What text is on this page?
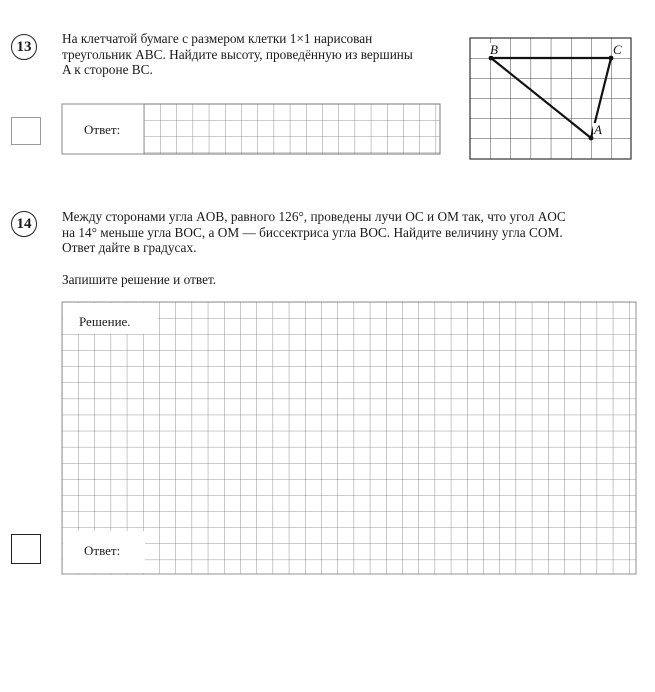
13 На клетчатой бумаге с размером клетки 1×1 нарисован

треугольник ABC. Найдите высоту, проведённую из вершины

A к стороне BC.

14 Между сторонами угла AOB, равного 126°, проведены лучи OC и OM так, что угол AOC

на 14° меньше угла BOC, а OM — биссектриса угла BOC. Найдите величину угла COM.

Ответ дайте в градусах.

Запишите решение и ответ.
B	C
A
Ответ:
Решение.
Ответ:
